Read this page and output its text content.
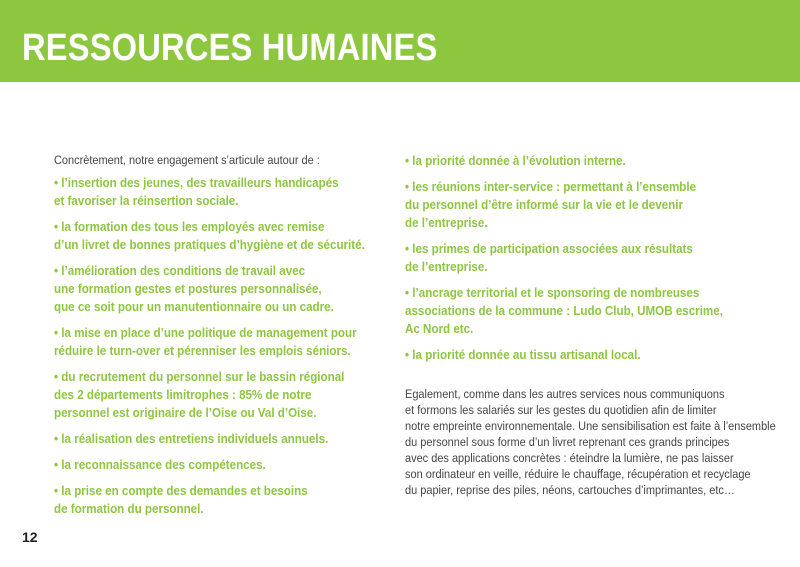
RESSOURCES HUMAINES

Concrètement, notre engagement s’articule autour de :

• l’insertion des jeunes, des travailleurs handicapés
et favoriser la réinsertion sociale.

• la formation des tous les employés avec remise
d’un livret de bonnes pratiques d’hygiène et de sécurité.

• l’amélioration des conditions de travail avec
une formation gestes et postures personnalisée,
que ce soit pour un manutentionnaire ou un cadre.

• la mise en place d’une politique de management pour
réduire le turn-over et pérenniser les emplois séniors.

• du recrutement du personnel sur le bassin régional
des 2 départements limitrophes : 85% de notre
personnel est originaire de l’Oise ou Val d’Oise.

• la réalisation des entretiens individuels annuels.

• la reconnaissance des compétences.

• la prise en compte des demandes et besoins
de formation du personnel.

• la priorité donnée à l’évolution interne.

• les réunions inter-service : permettant à l’ensemble
du personnel d’être informé sur la vie et le devenir
de l’entreprise.

• les primes de participation associées aux résultats
de l’entreprise.

• l’ancrage territorial et le sponsoring de nombreuses
associations de la commune : Ludo Club, UMOB escrime,
Ac Nord etc.

• la priorité donnée au tissu artisanal local.

Egalement, comme dans les autres services nous communiquons
et formons les salariés sur les gestes du quotidien afin de limiter
notre empreinte environnementale. Une sensibilisation est faite à l’ensemble
du personnel sous forme d’un livret reprenant ces grands principes
avec des applications concrètes : éteindre la lumière, ne pas laisser
son ordinateur en veille, réduire le chauffage, récupération et recyclage
du papier, reprise des piles, néons, cartouches d’imprimantes, etc…

12
